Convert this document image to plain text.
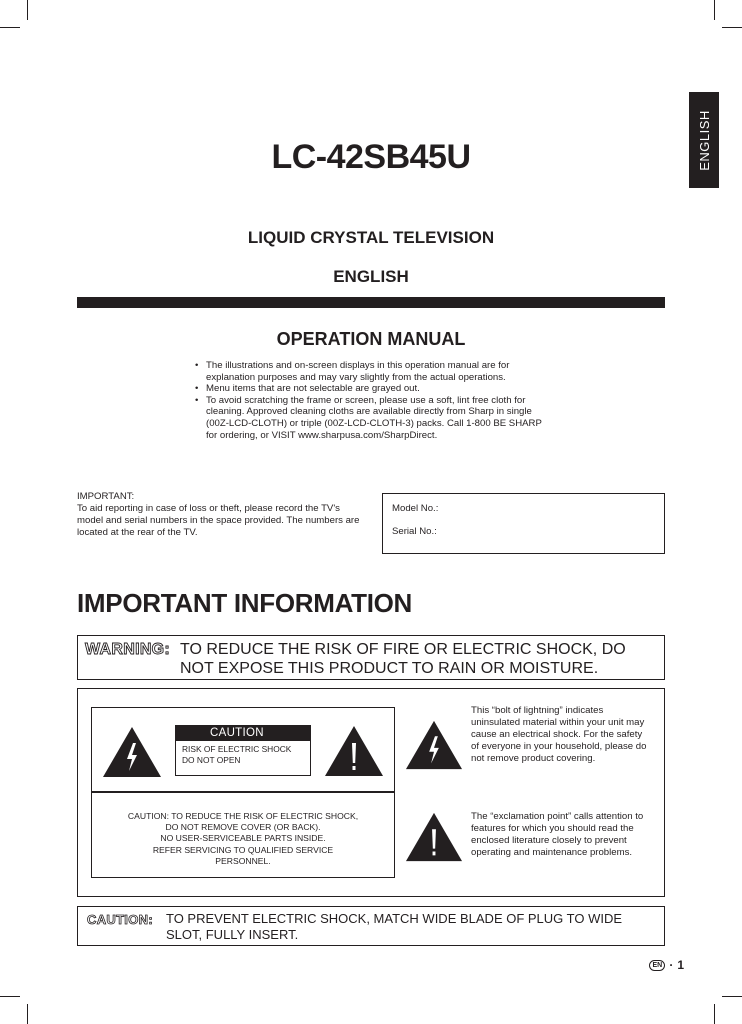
ENGLISH
LC-42SB45U
LIQUID CRYSTAL TELEVISION
ENGLISH
OPERATION MANUAL
• The illustrations and on-screen displays in this operation manual are for explanation purposes and may vary slightly from the actual operations.
• Menu items that are not selectable are grayed out.
• To avoid scratching the frame or screen, please use a soft, lint free cloth for cleaning. Approved cleaning cloths are available directly from Sharp in single (00Z-LCD-CLOTH) or triple (00Z-LCD-CLOTH-3) packs. Call 1-800 BE SHARP for ordering, or VISIT www.sharpusa.com/SharpDirect.
IMPORTANT:
To aid reporting in case of loss or theft, please record the TV's model and serial numbers in the space provided. The numbers are located at the rear of the TV.
Model No.:
Serial No.:
IMPORTANT INFORMATION
WARNING: TO REDUCE THE RISK OF FIRE OR ELECTRIC SHOCK, DO NOT EXPOSE THIS PRODUCT TO RAIN OR MOISTURE.
CAUTION
RISK OF ELECTRIC SHOCK
DO NOT OPEN
CAUTION: TO REDUCE THE RISK OF ELECTRIC SHOCK,
DO NOT REMOVE COVER (OR BACK).
NO USER-SERVICEABLE PARTS INSIDE.
REFER SERVICING TO QUALIFIED SERVICE
PERSONNEL.
This “bolt of lightning” indicates uninsulated material within your unit may cause an electrical shock. For the safety of everyone in your household, please do not remove product covering.
The “exclamation point” calls attention to features for which you should read the enclosed literature closely to prevent operating and maintenance problems.
CAUTION: TO PREVENT ELECTRIC SHOCK, MATCH WIDE BLADE OF PLUG TO WIDE SLOT, FULLY INSERT.
EN · 1
